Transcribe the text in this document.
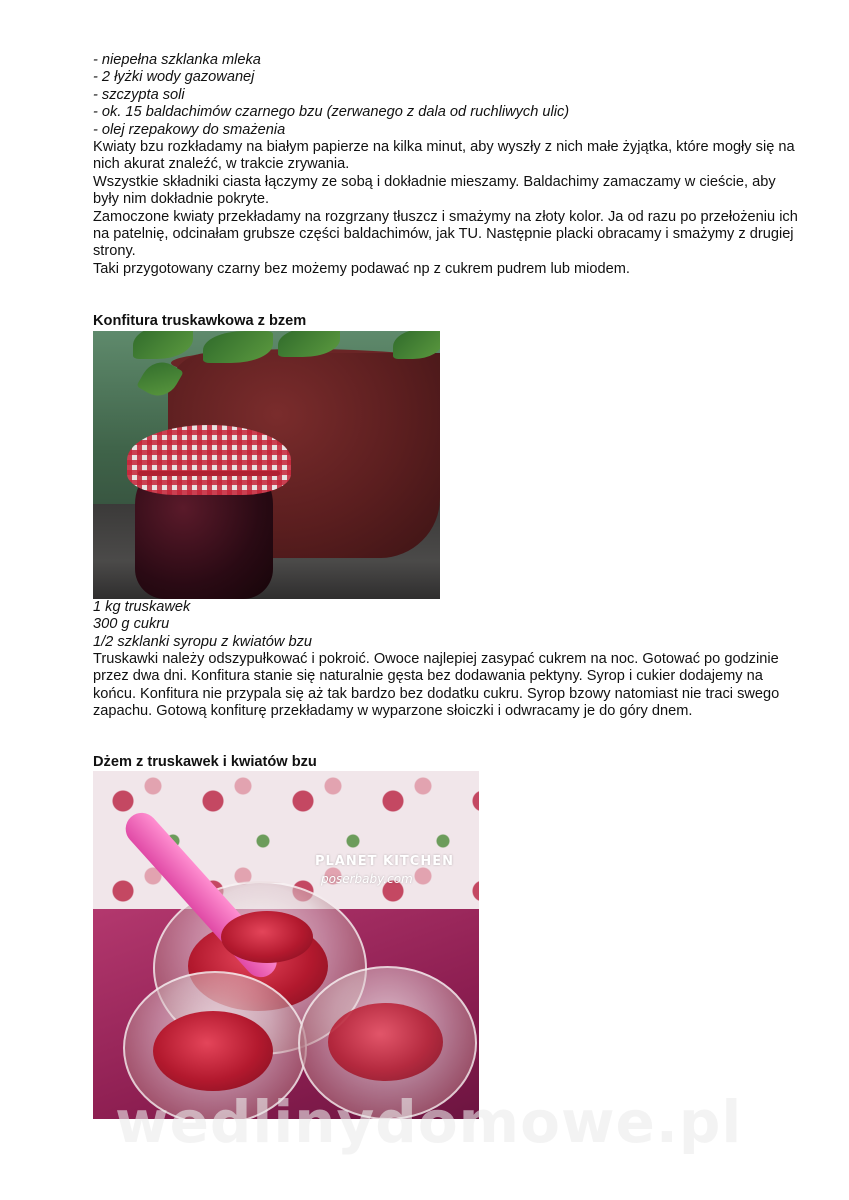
- niepełna szklanka mleka

- 2 łyżki wody gazowanej

- szczypta soli

- ok. 15 baldachimów czarnego bzu (zerwanego z dala od ruchliwych ulic)

- olej rzepakowy do smażenia

Kwiaty bzu rozkładamy na białym papierze na kilka minut, aby wyszły z nich małe żyjątka, które mogły się na nich akurat znaleźć, w trakcie zrywania.

Wszystkie składniki ciasta łączymy ze sobą i dokładnie mieszamy. Baldachimy zamaczamy w cieście, aby były nim dokładnie pokryte.

Zamoczone kwiaty przekładamy na rozgrzany tłuszcz i smażymy na złoty kolor. Ja od razu po przełożeniu ich na patelnię, odcinałam grubsze części baldachimów, jak TU. Następnie placki obracamy i smażymy z drugiej strony.

Taki przygotowany czarny bez możemy podawać np z cukrem pudrem lub miodem.

Konfitura truskawkowa z bzem

1 kg truskawek

300 g cukru

1/2 szklanki syropu z kwiatów bzu

Truskawki należy odszypułkować i pokroić. Owoce najlepiej zasypać cukrem na noc. Gotować po godzinie przez dwa dni. Konfitura stanie się naturalnie gęsta bez dodawania pektyny. Syrop i cukier dodajemy na końcu. Konfitura nie przypala się aż tak bardzo bez dodatku cukru. Syrop bzowy natomiast nie traci swego zapachu. Gotową konfiturę przekładamy w wyparzone słoiczki i odwracamy je do góry dnem.

Dżem z truskawek i kwiatów bzu
PLANET KITCHEN
poserbaby.com
wedlinydomowe.pl
